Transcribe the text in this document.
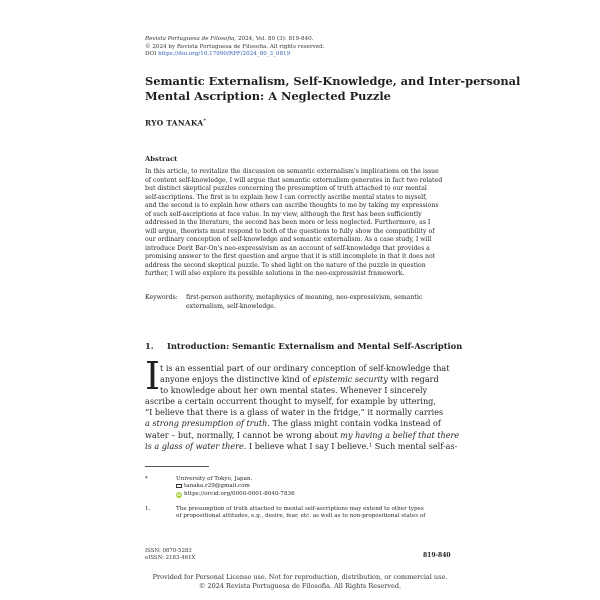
Revista Portuguesa de Filosofia, 2024, Vol. 80 (3): 819-840.
© 2024 by Revista Portuguesa de Filosofia. All rights reserved.
DOI https://doi.org/10.17990/RPF/2024_80_3_0819
Semantic Externalism, Self-Knowledge, and Inter-personal
Mental Ascription: A Neglected Puzzle
RYO TANAKA*
Abstract
In this article, to revitalize the discussion on semantic externalism's implications on the issue
of content self-knowledge, I will argue that semantic externalism generates in fact two related
but distinct skeptical puzzles concerning the presumption of truth attached to our mental
self-ascriptions. The first is to explain how I can correctly ascribe mental states to myself,
and the second is to explain how others can ascribe thoughts to me by taking my expressions
of such self-ascriptions at face value. In my view, although the first has been sufficiently
addressed in the literature, the second has been more or less neglected. Furthermore, as I
will argue, theorists must respond to both of the questions to fully show the compatibility of
our ordinary conception of self-knowledge and semantic externalism. As a case study, I will
introduce Dorit Bar-On's neo-expressivism as an account of self-knowledge that provides a
promising answer to the first question and argue that it is still incomplete in that it does not
address the second skeptical puzzle. To shed light on the nature of the puzzle in question
further, I will also explore its possible solutions in the neo-expressivist framework.
Keywords: first-person authority, metaphysics of meaning, neo-expressivism, semantic
externalism, self-knowledge.
1. Introduction: Semantic Externalism and Mental Self-Ascription
I t is an essential part of our ordinary conception of self-knowledge that
anyone enjoys the distinctive kind of epistemic security with regard
to knowledge about her own mental states. Whenever I sincerely
ascribe a certain occurrent thought to myself, for example by uttering,
“I believe that there is a glass of water in the fridge,” it normally carries
a strong presumption of truth. The glass might contain vodka instead of
water – but, normally, I cannot be wrong about my having a belief that there
is a glass of water there. I believe what I say I believe.¹ Such mental self-as-
*	University of Tokyo, Japan.
tanaka.r29@gmail.com
iD https://orcid.org/0000-0001-8040-7836
1.	The presumption of truth attached to mental self-ascriptions may extend to other types
of propositional attitudes, e.g., desire, fear, etc. as well as to non-propositional states of
ISSN: 0870-5283
eISSN: 2183-461X	819-840
Provided for Personal License use. Not for reproduction, distribution, or commercial use.
© 2024 Revista Portuguesa de Filosofia. All Rights Reserved.
